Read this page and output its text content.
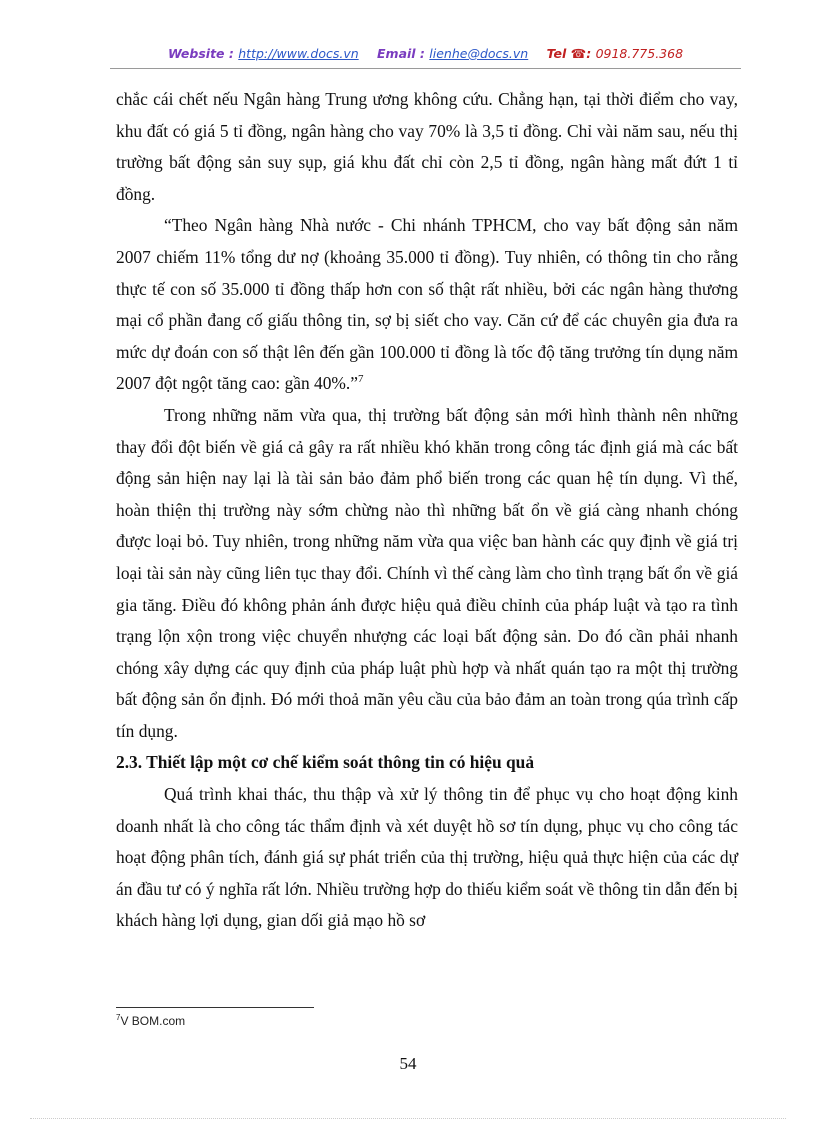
Website : http://www.docs.vn Email : lienhe@docs.vn Tel ☎: 0918.775.368

chắc cái chết nếu Ngân hàng Trung ương không cứu. Chẳng hạn, tại thời điểm cho vay, khu đất có giá 5 tỉ đồng, ngân hàng cho vay 70% là 3,5 tỉ đồng. Chỉ vài năm sau, nếu thị trường bất động sản suy sụp, giá khu đất chỉ còn 2,5 tỉ đồng, ngân hàng mất đứt 1 tỉ đồng.

“Theo Ngân hàng Nhà nước - Chi nhánh TPHCM, cho vay bất động sản năm 2007 chiếm 11% tổng dư nợ (khoảng 35.000 tỉ đồng). Tuy nhiên, có thông tin cho rằng thực tế con số 35.000 tỉ đồng thấp hơn con số thật rất nhiều, bởi các ngân hàng thương mại cổ phần đang cố giấu thông tin, sợ bị siết cho vay. Căn cứ để các chuyên gia đưa ra mức dự đoán con số thật lên đến gần 100.000 tỉ đồng là tốc độ tăng trưởng tín dụng năm 2007 đột ngột tăng cao: gần 40%.”$^7$

Trong những năm vừa qua, thị trường bất động sản mới hình thành nên những thay đổi đột biến về giá cả gây ra rất nhiều khó khăn trong công tác định giá mà các bất động sản hiện nay lại là tài sản bảo đảm phổ biến trong các quan hệ tín dụng. Vì thế, hoàn thiện thị trường này sớm chừng nào thì những bất ổn về giá càng nhanh chóng được loại bỏ. Tuy nhiên, trong những năm vừa qua việc ban hành các quy định về giá trị loại tài sản này cũng liên tục thay đổi. Chính vì thế càng làm cho tình trạng bất ổn về giá gia tăng. Điều đó không phản ánh được hiệu quả điều chỉnh của pháp luật và tạo ra tình trạng lộn xộn trong việc chuyển nhượng các loại bất động sản. Do đó cần phải nhanh chóng xây dựng các quy định của pháp luật phù hợp và nhất quán tạo ra một thị trường bất động sản ổn định. Đó mới thoả mãn yêu cầu của bảo đảm an toàn trong qúa trình cấp tín dụng.

2.3. Thiết lập một cơ chế kiểm soát thông tin có hiệu quả

Quá trình khai thác, thu thập và xử lý thông tin để phục vụ cho hoạt động kinh doanh nhất là cho công tác thẩm định và xét duyệt hồ sơ tín dụng, phục vụ cho công tác hoạt động phân tích, đánh giá sự phát triển của thị trường, hiệu quả thực hiện của các dự án đầu tư có ý nghĩa rất lớn. Nhiều trường hợp do thiếu kiểm soát về thông tin dẫn đến bị khách hàng lợi dụng, gian dối giả mạo hồ sơ

$^7$V BOM.com
54
